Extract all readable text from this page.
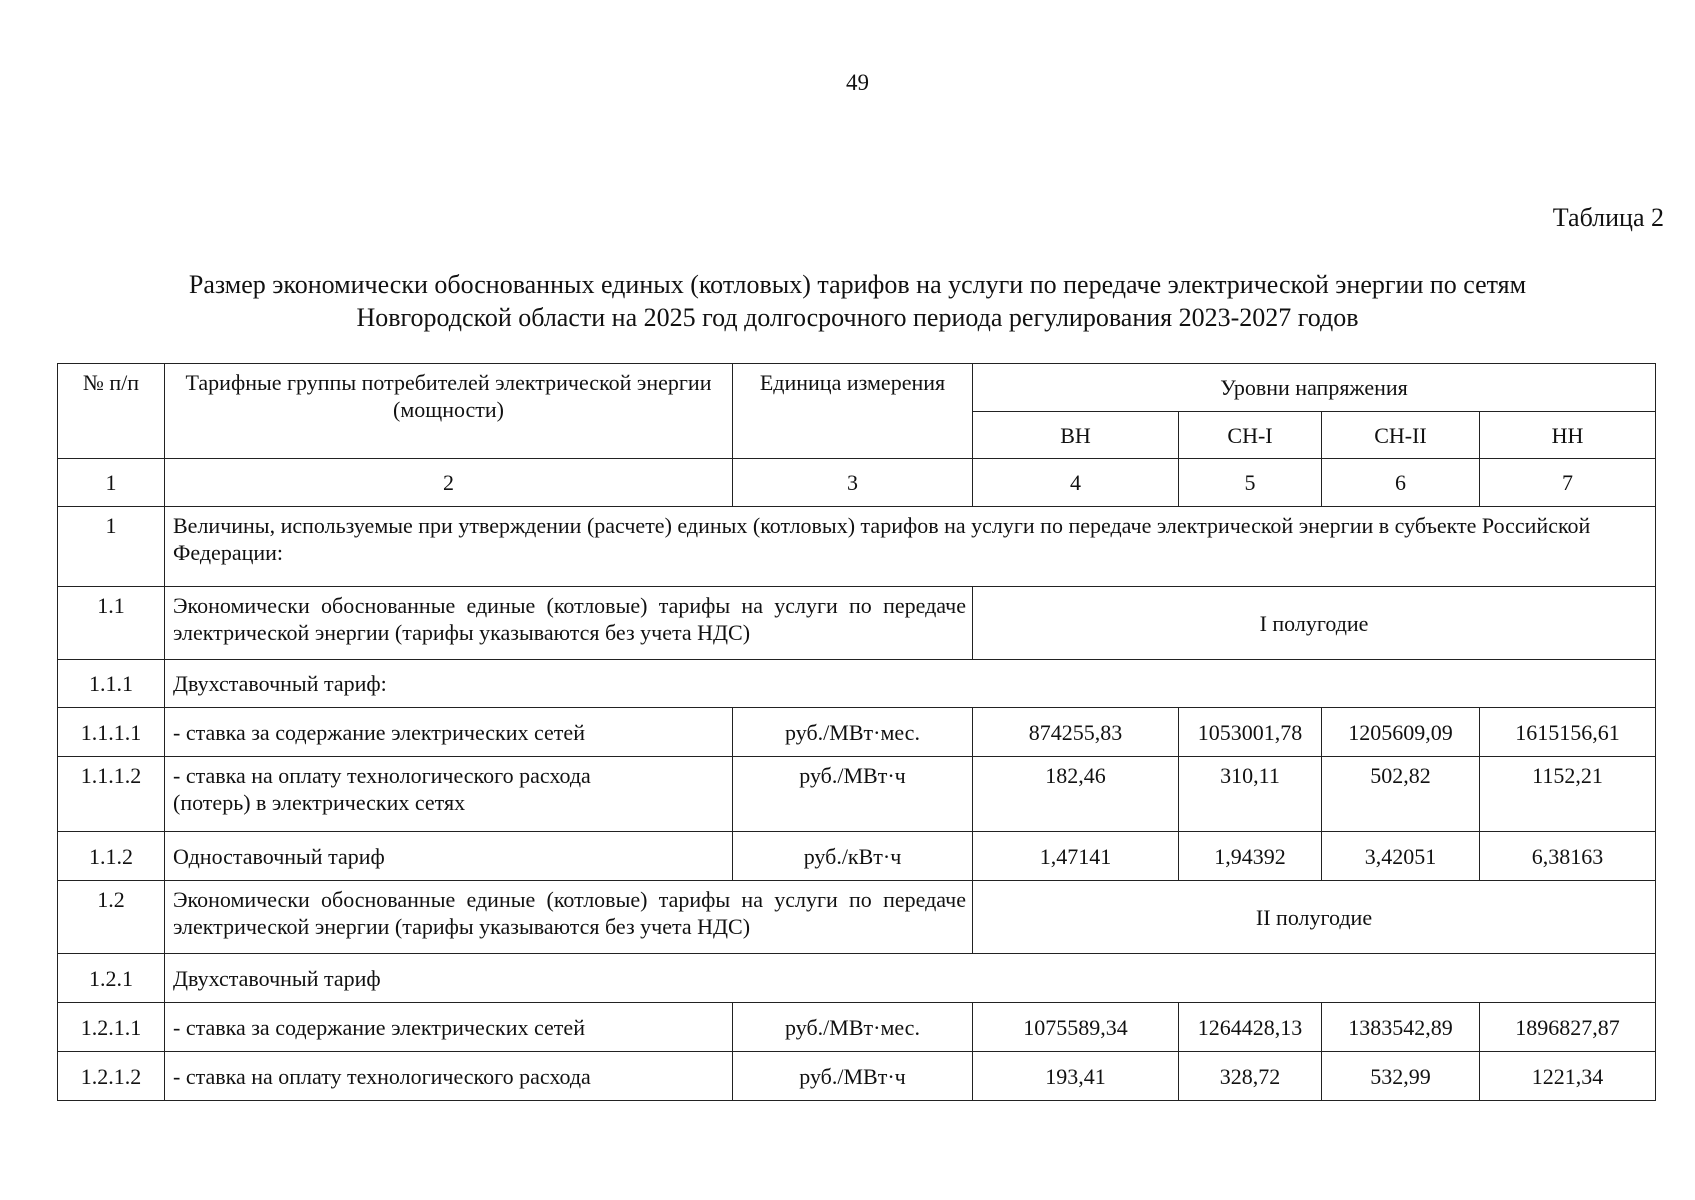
49
Таблица 2
Размер экономически обоснованных единых (котловых) тарифов на услуги по передаче электрической энергии по сетям
Новгородской области на 2025 год долгосрочного периода регулирования 2023-2027 годов
№ п/п	Тарифные группы потребителей электрической энергии (мощности)	Единица измерения	Уровни напряжения			
			ВН	СН-I	СН-II	НН
1	2	3	4	5	6	7
1	Величины, используемые при утверждении (расчете) единых (котловых) тарифов на услуги по передаче электрической энергии в субъекте Российской Федерации:					
1.1	Экономически обоснованные единые (котловые) тарифы на услуги по передаче электрической энергии (тарифы указываются без учета НДС)		I полугодие			
1.1.1	Двухставочный тариф:					
1.1.1.1	- ставка за содержание электрических сетей	руб./МВт·мес.	874255,83	1053001,78	1205609,09	1615156,61
1.1.1.2	- ставка на оплату технологического расхода (потерь) в электрических сетях	руб./МВт·ч	182,46	310,11	502,82	1152,21
1.1.2	Одноставочный тариф	руб./кВт·ч	1,47141	1,94392	3,42051	6,38163
1.2	Экономически обоснованные единые (котловые) тарифы на услуги по передаче электрической энергии (тарифы указываются без учета НДС)		II полугодие			
1.2.1	Двухставочный тариф					
1.2.1.1	- ставка за содержание электрических сетей	руб./МВт·мес.	1075589,34	1264428,13	1383542,89	1896827,87
1.2.1.2	- ставка на оплату технологического расхода	руб./МВт·ч	193,41	328,72	532,99	1221,34
